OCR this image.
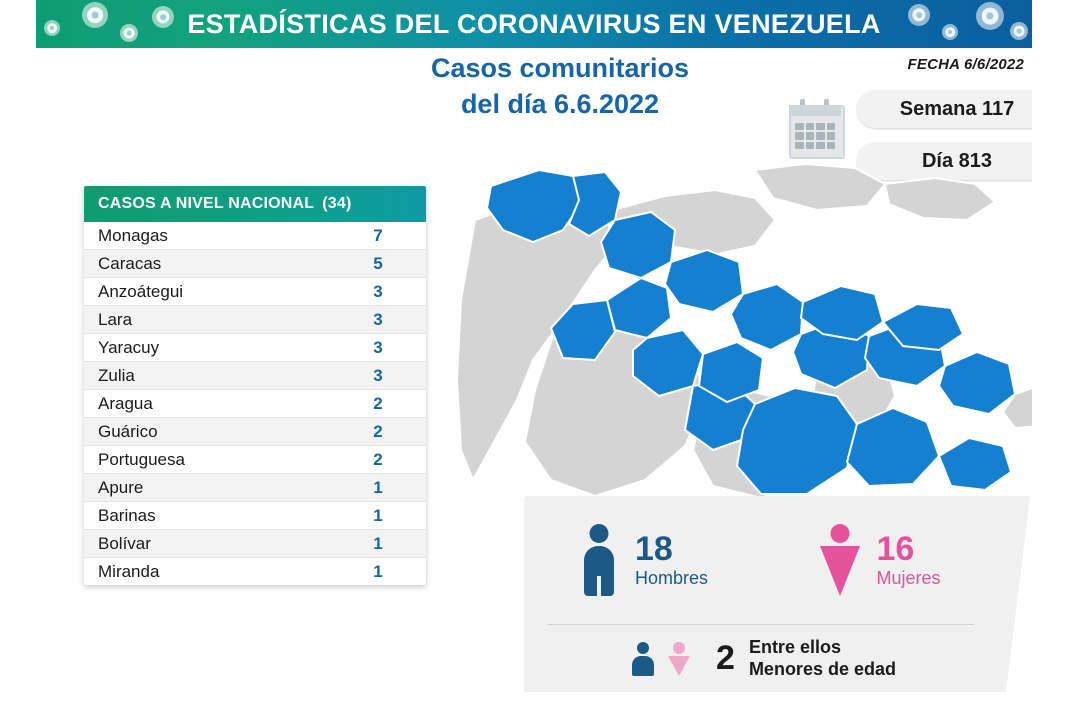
ESTADÍSTICAS DEL CORONAVIRUS EN VENEZUELA
Casos comunitarios
del día 6.6.2022
FECHA 6/6/2022
Semana 117
Día 813
CASOS A NIVEL NACIONAL (34)
Monagas	7
Caracas	5
Anzoátegui	3
Lara	3
Yaracuy	3
Zulia	3
Aragua	2
Guárico	2
Portuguesa	2
Apure	1
Barinas	1
Bolívar	1
Miranda	1
18
Hombres
16
Mujeres
2 Entre ellos
Menores de edad
